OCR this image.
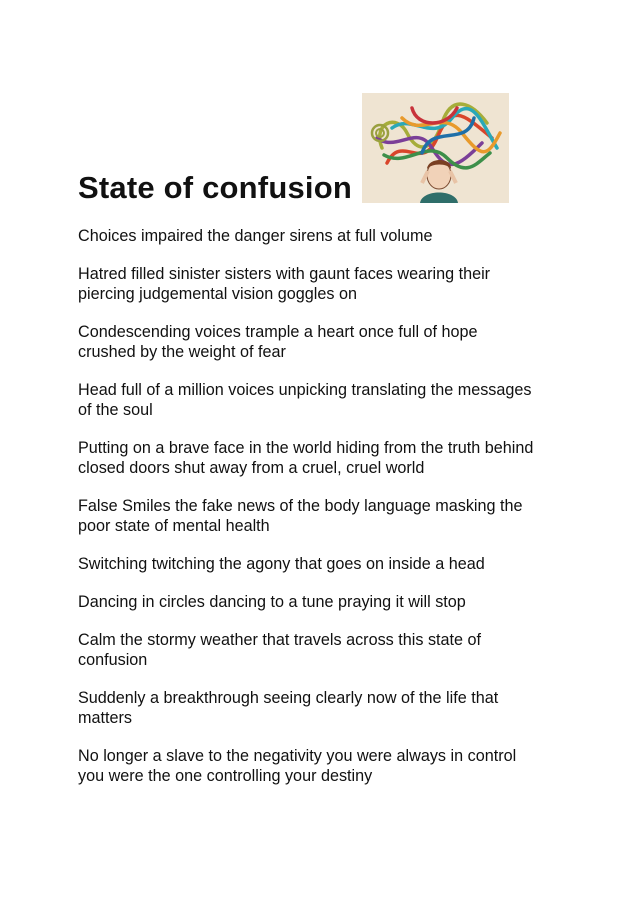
State of confusion

Choices impaired the danger sirens at full volume

Hatred filled sinister sisters with gaunt faces wearing their
piercing judgemental vision goggles on

Condescending voices trample a heart once full of hope
crushed by the weight of fear

Head full of a million voices unpicking translating the messages
of the soul

Putting on a brave face in the world hiding from the truth behind
closed doors shut away from a cruel, cruel world

False Smiles the fake news of the body language masking the
poor state of mental health

Switching twitching the agony that goes on inside a head

Dancing in circles dancing to a tune praying it will stop

Calm the stormy weather that travels across this state of
confusion

Suddenly a breakthrough seeing clearly now of the life that
matters

No longer a slave to the negativity you were always in control
you were the one controlling your destiny
